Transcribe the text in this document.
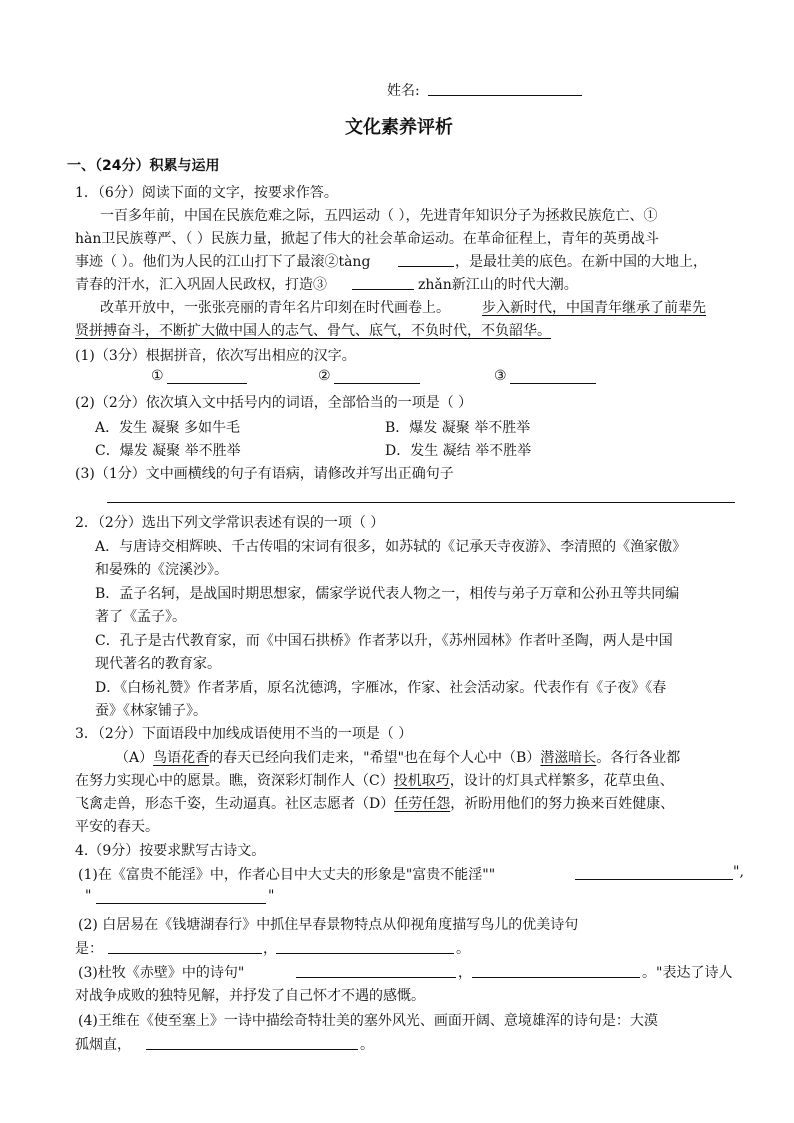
姓名:
文化素养评析
一、（24分）积累与运用
1．（6分）阅读下面的文字，按要求作答。
一百多年前，中国在民族危难之际，五四运动（ ），先进青年知识分子为拯救民族危亡、①
hàn卫民族尊严、（ ）民族力量，掀起了伟大的社会革命运动。在革命征程上，青年的英勇战斗
事迹（ ）。他们为人民的江山打下了最滚②tàng	，是最壮美的底色。在新中国的大地上，
青春的汗水，汇入巩固人民政权，打造③	zhǎn新江山的时代大潮。
改革开放中，一张张亮丽的青年名片印刻在时代画卷上。 步入新时代，中国青年继承了前辈先
贤拼搏奋斗，不断扩大做中国人的志气、骨气、底气，不负时代，不负韶华。
(1)（3分）根据拼音，依次写出相应的汉字。
①	②	③
(2)（2分）依次填入文中括号内的词语，全部恰当的一项是（ ）
A．发生 凝聚 多如牛毛	B．爆发 凝聚 举不胜举
C．爆发 凝聚 举不胜举	D．发生 凝结 举不胜举
(3)（1分）文中画横线的句子有语病，请修改并写出正确句子
2．（2分）选出下列文学常识表述有误的一项（ ）
A．与唐诗交相辉映、千古传唱的宋词有很多，如苏轼的《记承天寺夜游》、李清照的《渔家傲》
和晏殊的《浣溪沙》。
B．孟子名轲，是战国时期思想家，儒家学说代表人物之一，相传与弟子万章和公孙丑等共同编
著了《孟子》。
C．孔子是古代教育家，而《中国石拱桥》作者茅以升，《苏州园林》作者叶圣陶，两人是中国
现代著名的教育家。
D．《白杨礼赞》作者茅盾，原名沈德鸿，字雁冰，作家、社会活动家。代表作有《子夜》《春
蚕》《林家铺子》。
3．（2分）下面语段中加线成语使用不当的一项是（ ）
（A）鸟语花香的春天已经向我们走来，"希望"也在每个人心中（B）潜滋暗长。各行各业都
在努力实现心中的愿景。瞧，资深彩灯制作人（C）投机取巧，设计的灯具式样繁多，花草虫鱼、
飞禽走兽，形态千姿，生动逼真。社区志愿者（D）任劳任怨，祈盼用他们的努力换来百姓健康、
平安的春天。
4.（9分）按要求默写古诗文。
(1)在《富贵不能淫》中，作者心目中大丈夫的形象是"富贵不能淫""	",
"	"
(2) 白居易在《钱塘湖春行》中抓住早春景物特点从仰视角度描写鸟儿的优美诗句
是：	，	。
(3)杜牧《赤壁》中的诗句"	，	。"表达了诗人
对战争成败的独特见解，并抒发了自己怀才不遇的感慨。
(4)王维在《使至塞上》一诗中描绘奇特壮美的塞外风光、画面开阔、意境雄浑的诗句是：大漠
孤烟直，	。
